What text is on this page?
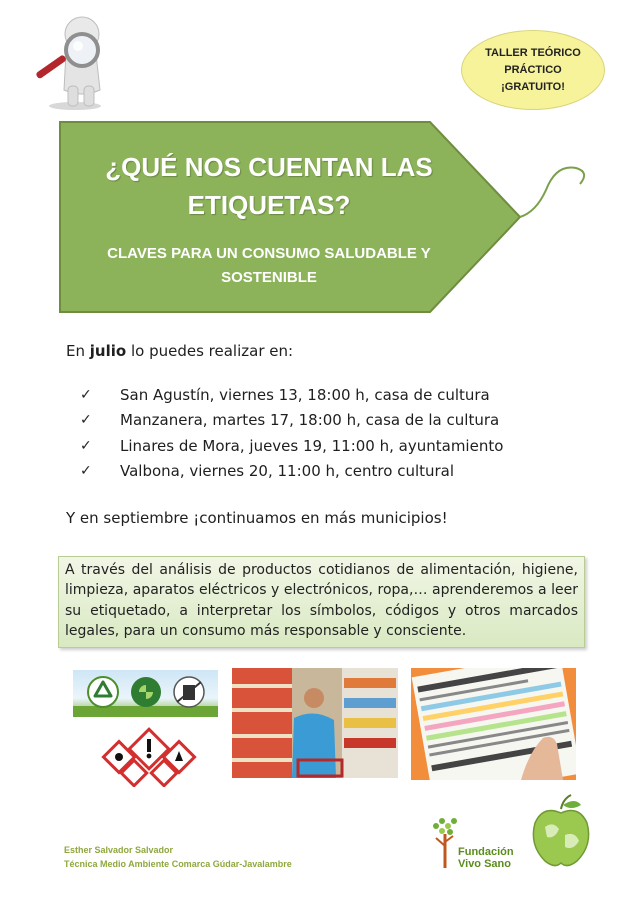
TALLER TEÓRICO
PRÁCTICO
¡GRATUITO!
¿QUÉ NOS CUENTAN LAS
ETIQUETAS?
CLAVES PARA UN CONSUMO SALUDABLE Y
SOSTENIBLE
En julio lo puedes realizar en:
✓	San Agustín, viernes 13, 18:00 h, casa de cultura
✓	Manzanera, martes 17, 18:00 h, casa de la cultura
✓	Linares de Mora, jueves 19, 11:00 h, ayuntamiento
✓	Valbona, viernes 20, 11:00 h, centro cultural
Y en septiembre ¡continuamos en más municipios!
A través del análisis de productos cotidianos de alimentación, higiene, limpieza, aparatos eléctricos y electrónicos, ropa,… aprenderemos a leer su etiquetado, a interpretar los símbolos, códigos y otros marcados legales, para un consumo más responsable y consciente.
Esther Salvador Salvador
Técnica Medio Ambiente Comarca Gúdar-Javalambre
Fundación
Vivo Sano
